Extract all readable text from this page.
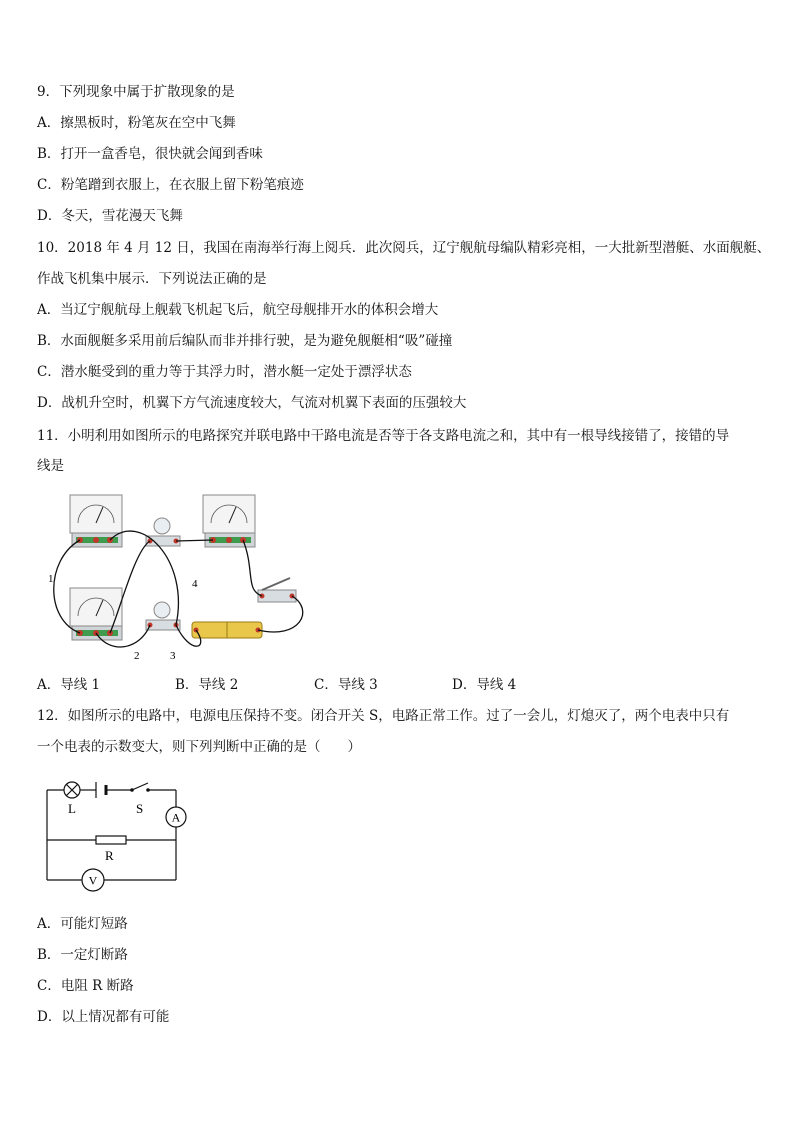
9．下列现象中属于扩散现象的是
A．擦黑板时，粉笔灰在空中飞舞
B．打开一盒香皂，很快就会闻到香味
C．粉笔蹭到衣服上，在衣服上留下粉笔痕迹
D．冬天，雪花漫天飞舞
10．2018 年 4 月 12 日，我国在南海举行海上阅兵．此次阅兵，辽宁舰航母编队精彩亮相，一大批新型潜艇、水面舰艇、
作战飞机集中展示．下列说法正确的是
A．当辽宁舰航母上舰载飞机起飞后，航空母舰排开水的体积会增大
B．水面舰艇多采用前后编队而非并排行驶，是为避免舰艇相“吸”碰撞
C．潜水艇受到的重力等于其浮力时，潜水艇一定处于漂浮状态
D．战机升空时，机翼下方气流速度较大，气流对机翼下表面的压强较大
11．小明利用如图所示的电路探究并联电路中干路电流是否等于各支路电流之和，其中有一根导线接错了，接错的导
线是
1
2	3
4
A．导线 1	B．导线 2	C．导线 3	D．导线 4
12．如图所示的电路中，电源电压保持不变。闭合开关 S，电路正常工作。过了一会儿，灯熄灭了，两个电表中只有
一个电表的示数变大，则下列判断中正确的是（　　）
A
V
L	S
R
A．可能灯短路
B．一定灯断路
C．电阻 R 断路
D．以上情况都有可能
